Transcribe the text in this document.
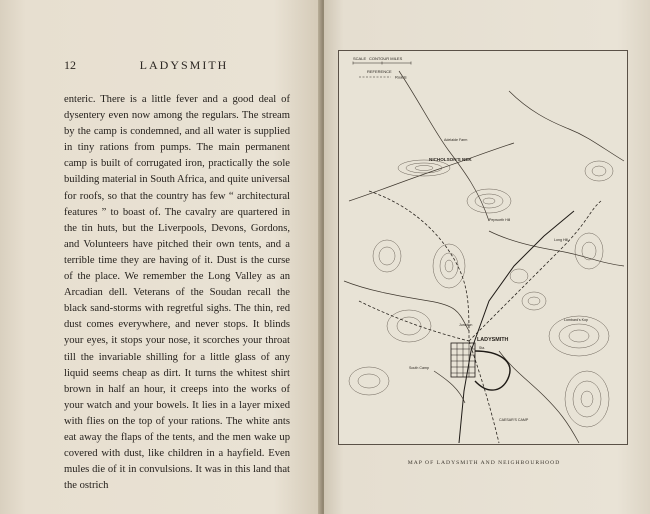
12	LADYSMITH

enteric. There is a little fever and a good deal of dysentery even now among the regulars. The stream by the camp is condemned, and all water is supplied in tiny rations from pumps. The main permanent camp is built of corrugated iron, practically the sole building material in South Africa, and quite universal for roofs, so that the country has few “ architectural features ” to boast of. The cavalry are quartered in the tin huts, but the Liverpools, Devons, Gordons, and Volunteers have pitched their own tents, and a terrible time they are having of it. Dust is the curse of the place. We remember the Long Valley as an Arcadian dell. Veterans of the Soudan recall the black sand-storms with regretful sighs. The thin, red dust comes everywhere, and never stops. It blinds your eyes, it stops your nose, it scorches your throat till the invariable shilling for a little glass of any liquid seems cheap as dirt. It turns the whitest shirt brown in half an hour, it creeps into the works of your watch and your bowels. It lies in a layer mixed with flies on the top of your rations. The white ants eat away the flaps of the tents, and the men wake up covered with dust, like children in a hayfield. Even mules die of it in convulsions. It was in this land that the ostrich

SCALE CONTOUR MILES
REFERENCE
Roads
NICHOLSON'S NEK
Adelaide Farm
LADYSMITH
Sta.
Junction
South Camp
Long Hill
Pepworth Hill
Lombard's Kop
CAESAR'S CAMP
MAP OF LADYSMITH AND NEIGHBOURHOOD
